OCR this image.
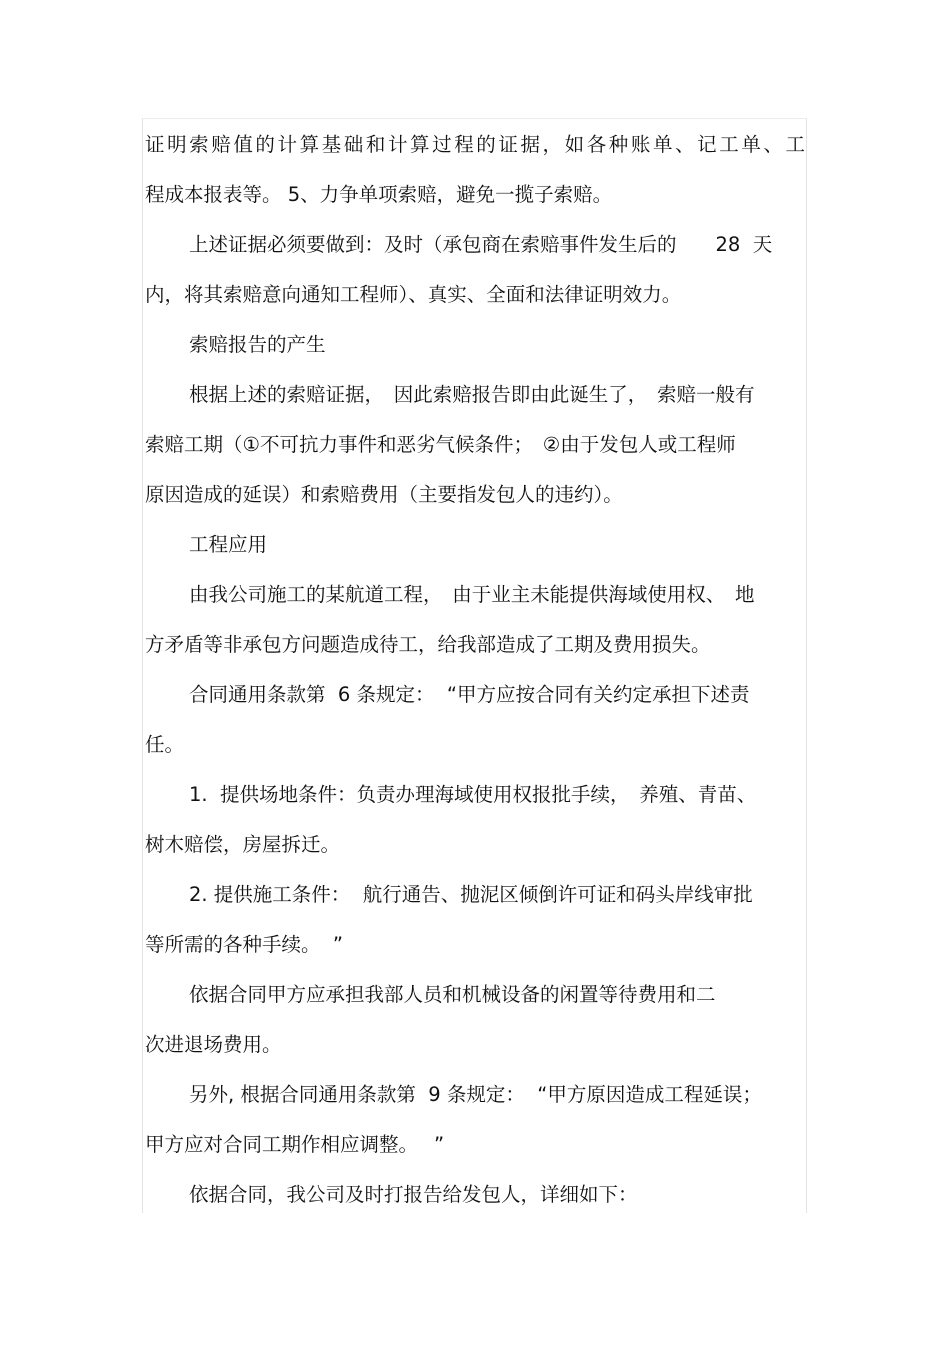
证明索赔值的计算基础和计算过程的证据，如各种账单、记工单、工
程成本报表等。 5、力争单项索赔，避免一揽子索赔。
上述证据必须要做到：及时（承包商在索赔事件发生后的　　28  天
内，将其索赔意向通知工程师）、真实、全面和法律证明效力。
索赔报告的产生
根据上述的索赔证据，　因此索赔报告即由此诞生了，　索赔一般有
索赔工期（①不可抗力事件和恶劣气候条件；　②由于发包人或工程师
原因造成的延误）和索赔费用（主要指发包人的违约）。
工程应用
由我公司施工的某航道工程，　由于业主未能提供海域使用权、　地
方矛盾等非承包方问题造成待工，给我部造成了工期及费用损失。
合同通用条款第  6 条规定：  “甲方应按合同有关约定承担下述责
任。
1.  提供场地条件：负责办理海域使用权报批手续，　养殖、青苗、
树木赔偿，房屋拆迁。
2. 提供施工条件：  航行通告、抛泥区倾倒许可证和码头岸线审批
等所需的各种手续。  ”
依据合同甲方应承担我部人员和机械设备的闲置等待费用和二
次进退场费用。
另外, 根据合同通用条款第  9 条规定：  “甲方原因造成工程延误；
甲方应对合同工期作相应调整。　 ”
依据合同，我公司及时打报告给发包人，详细如下：
